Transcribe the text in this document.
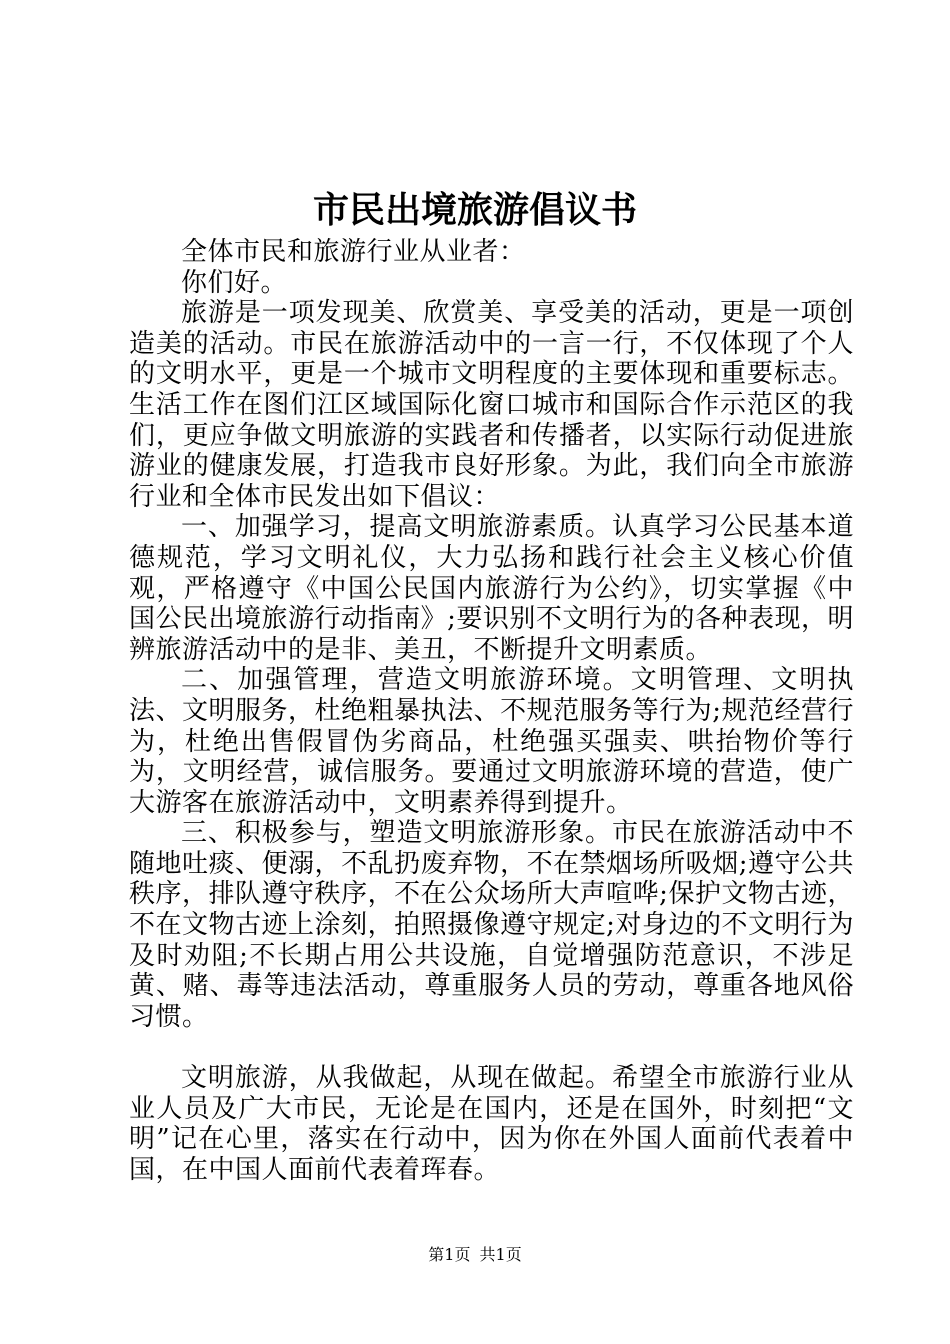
市民出境旅游倡议书

全体市民和旅游行业从业者：

你们好。

旅游是一项发现美、欣赏美、享受美的活动，更是一项创造美的活动。市民在旅游活动中的一言一行，不仅体现了个人的文明水平，更是一个城市文明程度的主要体现和重要标志。生活工作在图们江区域国际化窗口城市和国际合作示范区的我们，更应争做文明旅游的实践者和传播者，以实际行动促进旅游业的健康发展，打造我市良好形象。为此，我们向全市旅游行业和全体市民发出如下倡议：

一、加强学习，提高文明旅游素质。认真学习公民基本道德规范，学习文明礼仪，大力弘扬和践行社会主义核心价值观，严格遵守《中国公民国内旅游行为公约》，切实掌握《中国公民出境旅游行动指南》;要识别不文明行为的各种表现，明辨旅游活动中的是非、美丑，不断提升文明素质。

二、加强管理，营造文明旅游环境。文明管理、文明执法、文明服务，杜绝粗暴执法、不规范服务等行为;规范经营行为，杜绝出售假冒伪劣商品，杜绝强买强卖、哄抬物价等行为，文明经营，诚信服务。要通过文明旅游环境的营造，使广大游客在旅游活动中，文明素养得到提升。

三、积极参与，塑造文明旅游形象。市民在旅游活动中不随地吐痰、便溺，不乱扔废弃物，不在禁烟场所吸烟;遵守公共秩序，排队遵守秩序，不在公众场所大声喧哗;保护文物古迹，不在文物古迹上涂刻，拍照摄像遵守规定;对身边的不文明行为及时劝阻;不长期占用公共设施，自觉增强防范意识，不涉足黄、赌、毒等违法活动，尊重服务人员的劳动，尊重各地风俗习惯。

文明旅游，从我做起，从现在做起。希望全市旅游行业从业人员及广大市民，无论是在国内，还是在国外，时刻把“文明”记在心里，落实在行动中，因为你在外国人面前代表着中国，在中国人面前代表着珲春。

第1页 共1页
